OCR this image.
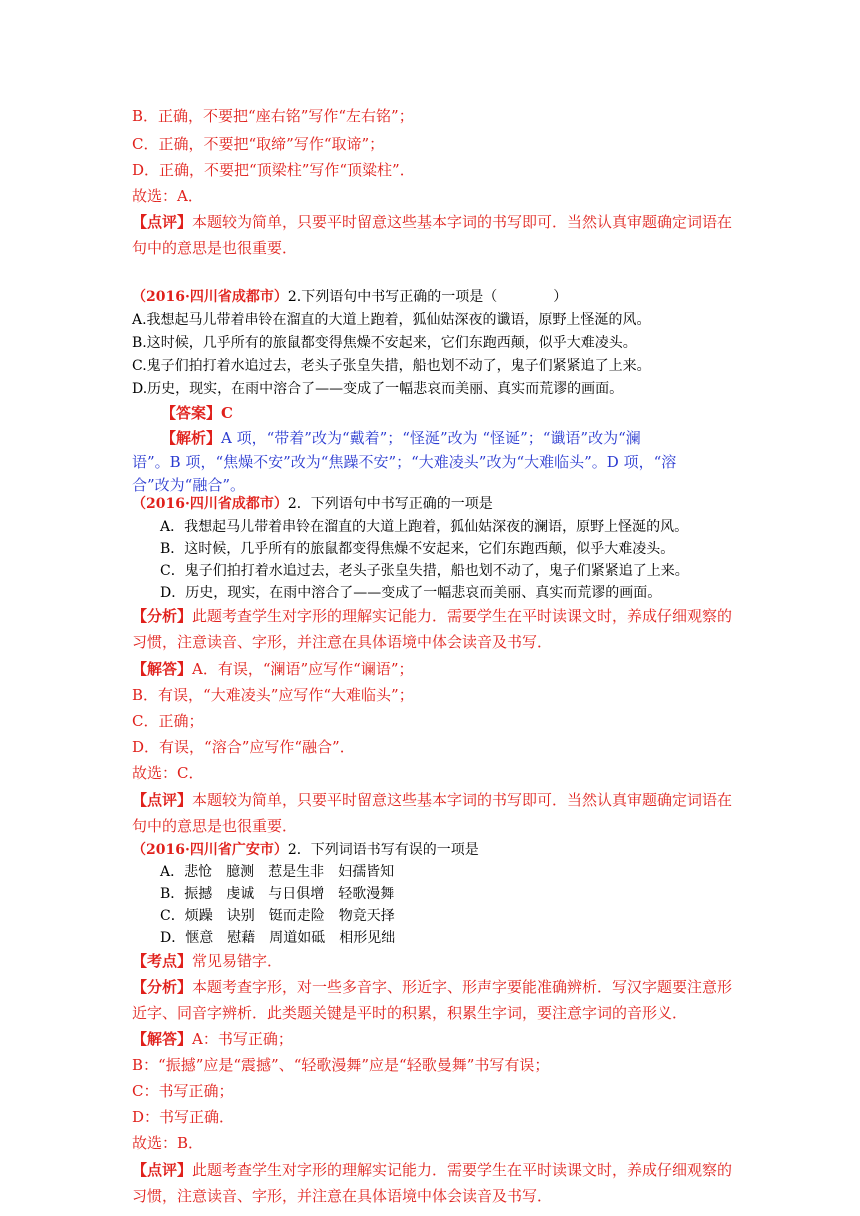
B．正确，不要把“座右铭”写作“左右铭”；
C．正确，不要把“取缔”写作“取谛”；
D．正确，不要把“顶梁柱”写作“顶粱柱”．
故选：A．
【点评】本题较为简单，只要平时留意这些基本字词的书写即可．当然认真审题确定词语在
句中的意思是也很重要．
（2016·四川省成都市）2.下列语句中书写正确的一项是（　　　　）
A.我想起马儿带着串铃在溜直的大道上跑着，狐仙姑深夜的谶语，原野上怪涎的风。
B.这时候，几乎所有的旅鼠都变得焦燥不安起来，它们东跑西颠，似乎大难凌头。
C.鬼子们拍打着水追过去，老头子张皇失措，船也划不动了，鬼子们紧紧追了上来。
D.历史，现实，在雨中溶合了——变成了一幅悲哀而美丽、真实而荒谬的画面。
【答案】C
【解析】A 项，“带着”改为“戴着”；“怪涎”改为 “怪诞”；“谶语”改为“澜
语”。B 项，“焦燥不安”改为“焦躁不安”；“大难凌头”改为“大难临头”。D 项，“溶
合”改为“融合”。
（2016·四川省成都市）2．下列语句中书写正确的一项是
A．我想起马儿带着串铃在溜直的大道上跑着，狐仙姑深夜的澜语，原野上怪涎的风。
B．这时候，几乎所有的旅鼠都变得焦燥不安起来，它们东跑西颠，似乎大难凌头。
C．鬼子们拍打着水追过去，老头子张皇失措，船也划不动了，鬼子们紧紧追了上来。
D．历史，现实，在雨中溶合了——变成了一幅悲哀而美丽、真实而荒谬的画面。
【分析】此题考查学生对字形的理解实记能力．需要学生在平时读课文时，养成仔细观察的
习惯，注意读音、字形，并注意在具体语境中体会读音及书写．
【解答】A．有误，“澜语”应写作“谰语”；
B．有误，“大难凌头”应写作“大难临头”；
C．正确；
D．有误，“溶合”应写作“融合”．
故选：C．
【点评】本题较为简单，只要平时留意这些基本字词的书写即可．当然认真审题确定词语在
句中的意思是也很重要．
（2016·四川省广安市）2．下列词语书写有误的一项是
A．悲怆　臆测　惹是生非　妇孺皆知
B．振撼　虔诚　与日俱增　轻歌漫舞
C．烦躁　诀别　铤而走险　物竞天择
D．惬意　慰藉　周道如砥　相形见绌
【考点】常见易错字．
【分析】本题考查字形，对一些多音字、形近字、形声字要能准确辨析．写汉字题要注意形
近字、同音字辨析．此类题关键是平时的积累，积累生字词，要注意字词的音形义．
【解答】A：书写正确；
B：“振撼”应是“震撼”、“轻歌漫舞”应是“轻歌曼舞”书写有误；
C：书写正确；
D：书写正确．
故选：B．
【点评】此题考查学生对字形的理解实记能力．需要学生在平时读课文时，养成仔细观察的
习惯，注意读音、字形，并注意在具体语境中体会读音及书写．
